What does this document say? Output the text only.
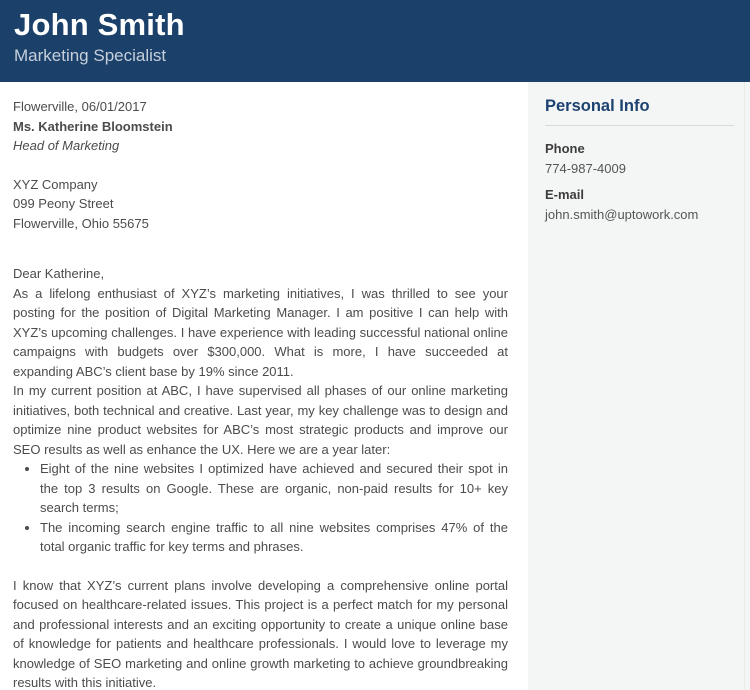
John Smith
Marketing Specialist

Flowerville, 06/01/2017

Ms. Katherine Bloomstein

Head of Marketing

XYZ Company

099 Peony Street

Flowerville, Ohio 55675

Dear Katherine,

As a lifelong enthusiast of XYZ’s marketing initiatives, I was thrilled to see your posting for the position of Digital Marketing Manager. I am positive I can help with XYZ’s upcoming challenges. I have experience with leading successful national online campaigns with budgets over $300,000. What is more, I have succeeded at expanding ABC’s client base by 19% since 2011.

In my current position at ABC, I have supervised all phases of our online marketing initiatives, both technical and creative. Last year, my key challenge was to design and optimize nine product websites for ABC’s most strategic products and improve our SEO results as well as enhance the UX. Here we are a year later:

• Eight of the nine websites I optimized have achieved and secured their spot in the top 3 results on Google. These are organic, non-paid results for 10+ key search terms;
• The incoming search engine traffic to all nine websites comprises 47% of the total organic traffic for key terms and phrases.

I know that XYZ’s current plans involve developing a comprehensive online portal focused on healthcare-related issues. This project is a perfect match for my personal and professional interests and an exciting opportunity to create a unique online base of knowledge for patients and healthcare professionals. I would love to leverage my knowledge of SEO marketing and online growth marketing to achieve groundbreaking results with this initiative.

Personal Info
Phone
774-987-4009
E-mail
john.smith@uptowork.com
